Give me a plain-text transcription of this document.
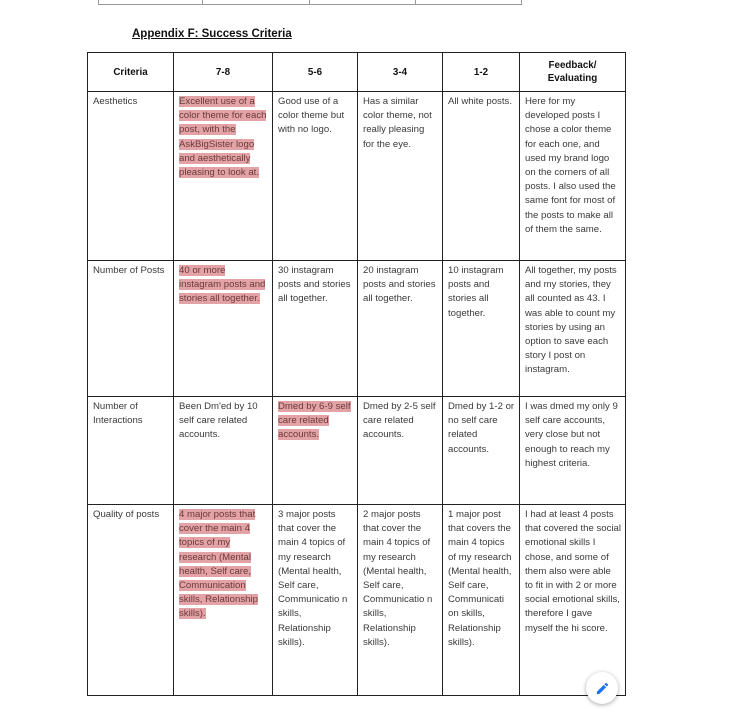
Appendix F: Success Criteria
Criteria	7-8	5-6	3-4	1-2	Feedback/ Evaluating
Aesthetics	Excellent use of a color theme for each post, with the AskBigSister logo and aesthetically pleasing to look at.	Good use of a color theme but with no logo.	Has a similar color theme, not really pleasing for the eye.	All white posts.	Here for my developed posts I chose a color theme for each one, and used my brand logo on the corners of all posts. I also used the same font for most of the posts to make all of them the same.
Number of Posts	40 or more instagram posts and stories all together.	30 instagram posts and stories all together.	20 instagram posts and stories all together.	10 instagram posts and stories all together.	All together, my posts and my stories, they all counted as 43. I was able to count my stories by using an option to save each story I post on instagram.
Number of Interactions	Been Dm'ed by 10 self care related accounts.	Dmed by 6-9 self care related accounts.	Dmed by 2-5 self care related accounts.	Dmed by 1-2 or no self care related accounts.	I was dmed my only 9 self care accounts, very close but not enough to reach my highest criteria.
Quality of posts	4 major posts that cover the main 4 topics of my research (Mental health, Self care, Communication skills, Relationship skills).	3 major posts that cover the main 4 topics of my research (Mental health, Self care, Communicatio n skills, Relationship skills).	2 major posts that cover the main 4 topics of my research (Mental health, Self care, Communicatio n skills, Relationship skills).	1 major post that covers the main 4 topics of my research (Mental health, Self care, Communicati on skills, Relationship skills).	I had at least 4 posts that covered the social emotional skills I chose, and some of them also were able to fit in with 2 or more social emotional skills, therefore I gave myself the hi score.
